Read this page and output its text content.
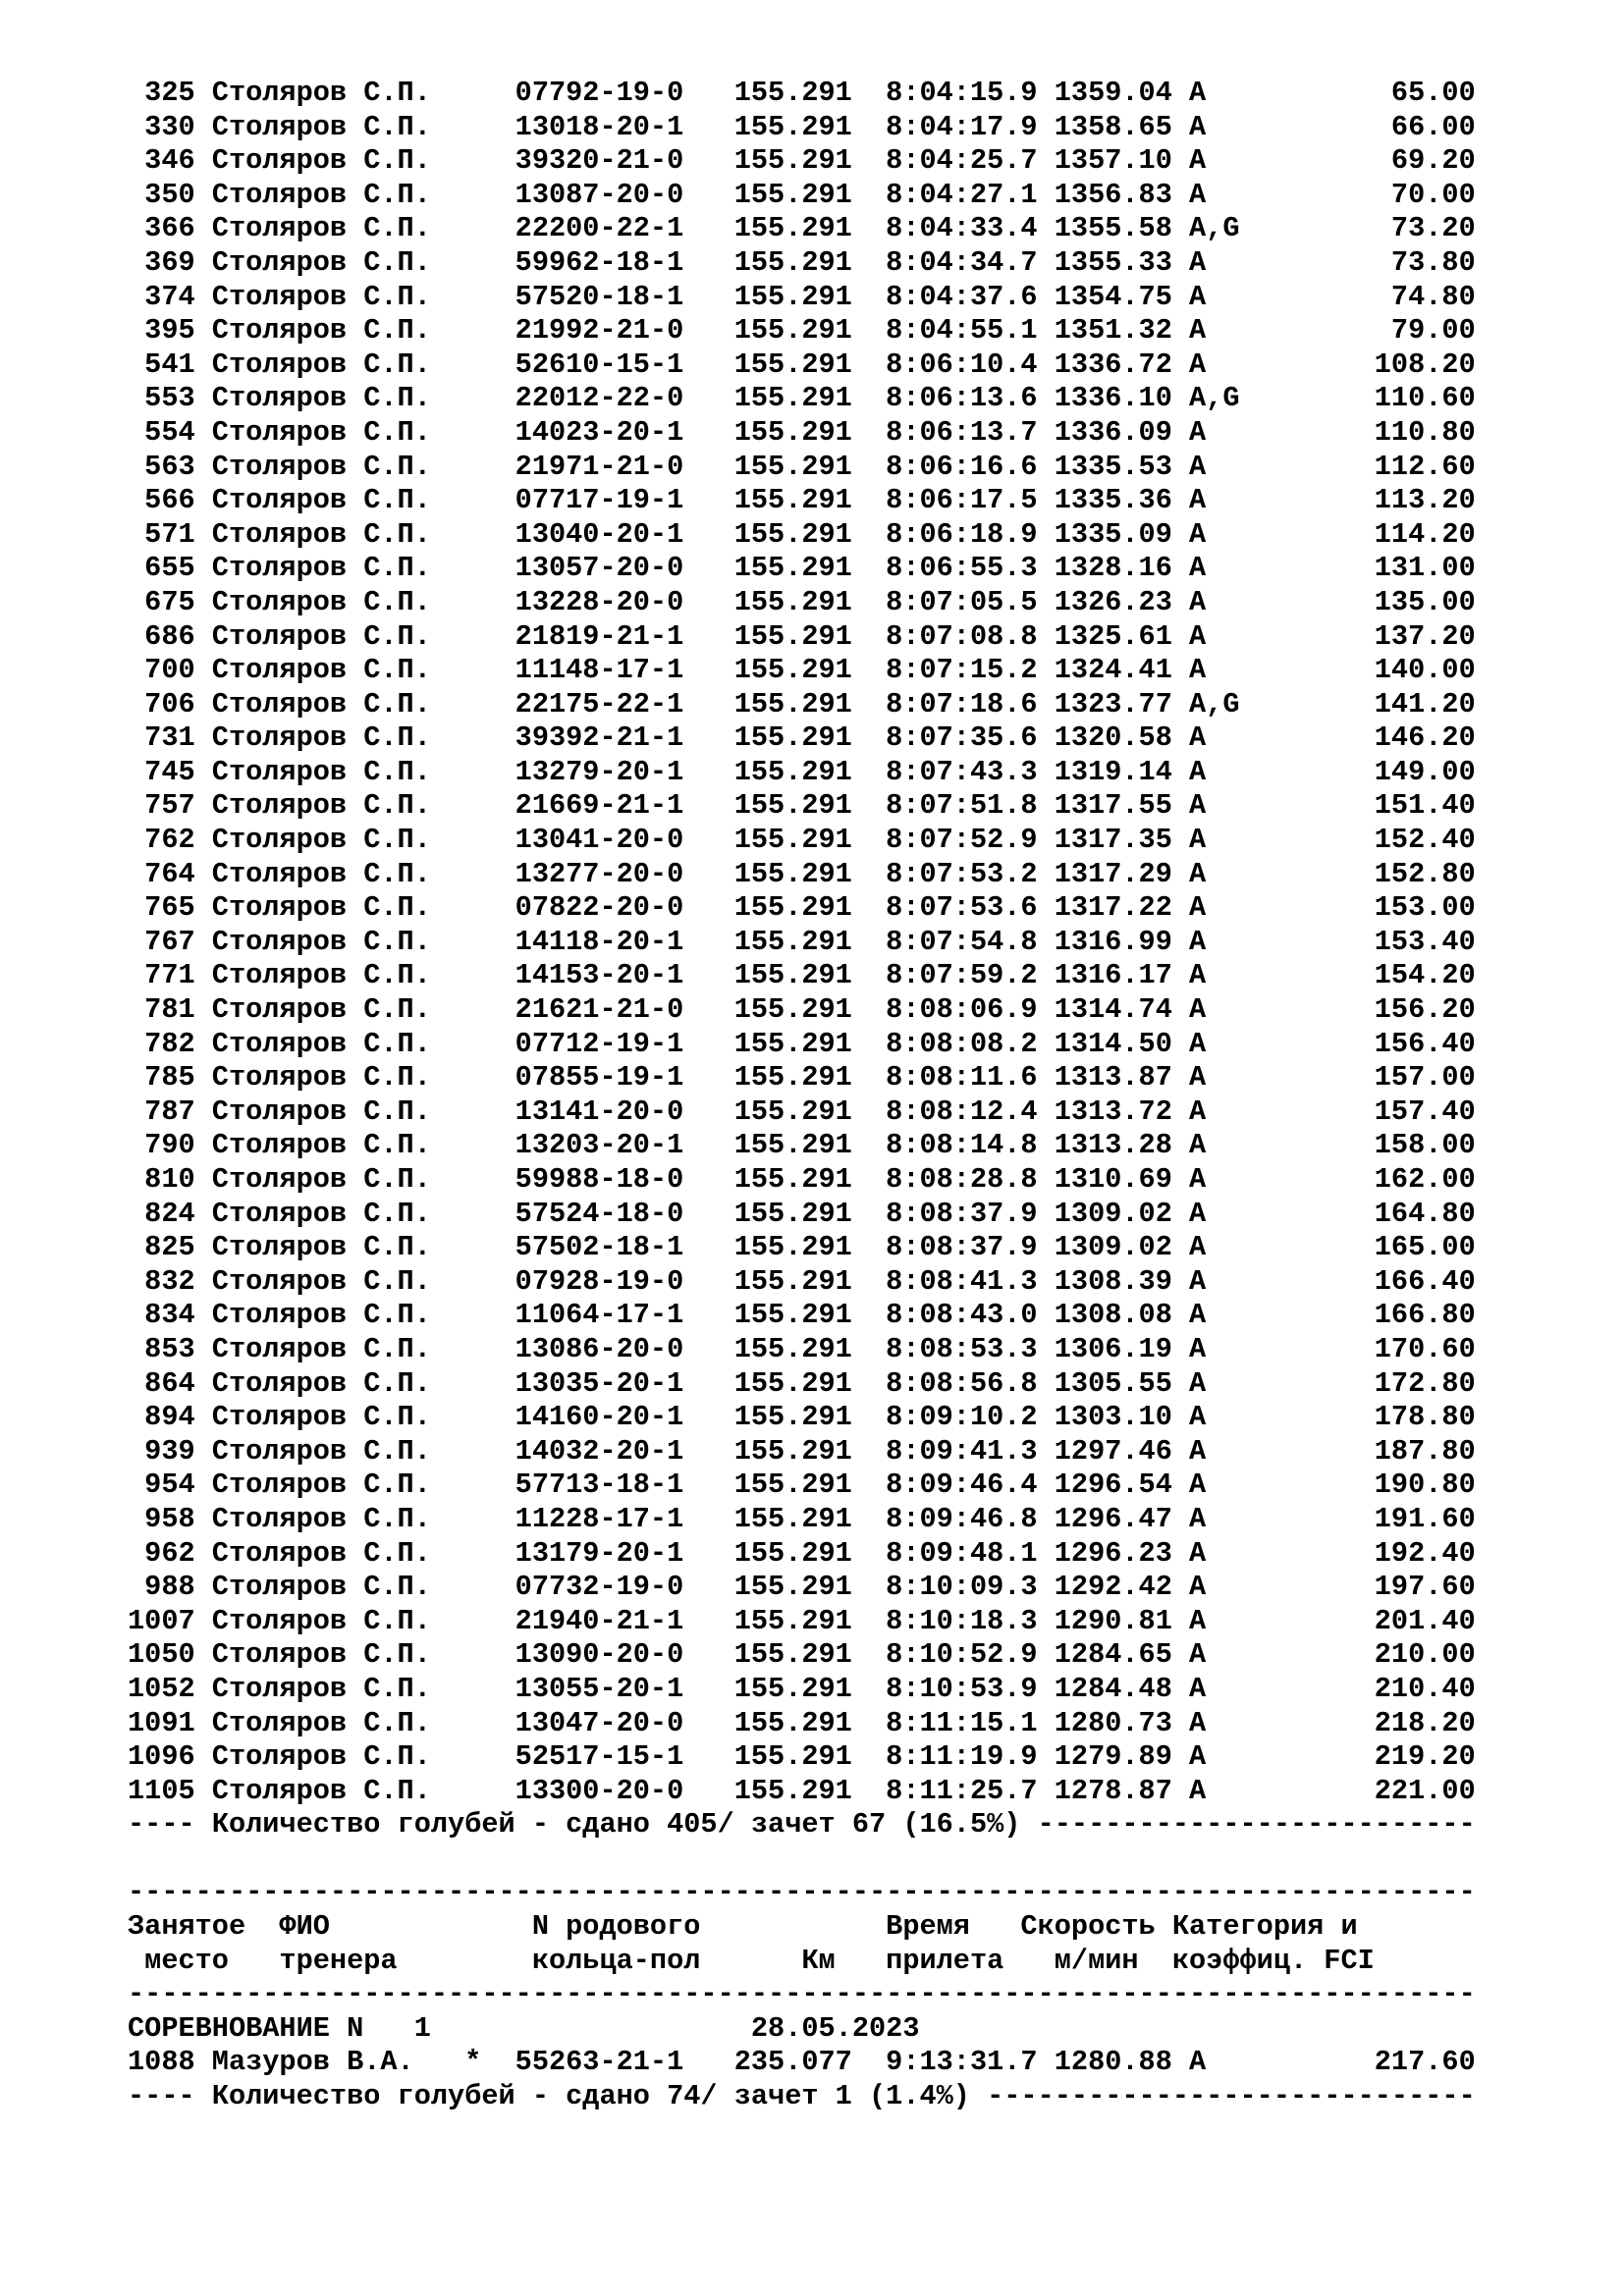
325 Столяров С.П.     07792-19-0   155.291  8:04:15.9 1359.04 A           65.00
330 Столяров С.П.     13018-20-1   155.291  8:04:17.9 1358.65 A           66.00
346 Столяров С.П.     39320-21-0   155.291  8:04:25.7 1357.10 A           69.20
350 Столяров С.П.     13087-20-0   155.291  8:04:27.1 1356.83 A           70.00
366 Столяров С.П.     22200-22-1   155.291  8:04:33.4 1355.58 A,G         73.20
369 Столяров С.П.     59962-18-1   155.291  8:04:34.7 1355.33 A           73.80
374 Столяров С.П.     57520-18-1   155.291  8:04:37.6 1354.75 A           74.80
395 Столяров С.П.     21992-21-0   155.291  8:04:55.1 1351.32 A           79.00
541 Столяров С.П.     52610-15-1   155.291  8:06:10.4 1336.72 A          108.20
553 Столяров С.П.     22012-22-0   155.291  8:06:13.6 1336.10 A,G        110.60
554 Столяров С.П.     14023-20-1   155.291  8:06:13.7 1336.09 A          110.80
563 Столяров С.П.     21971-21-0   155.291  8:06:16.6 1335.53 A          112.60
566 Столяров С.П.     07717-19-1   155.291  8:06:17.5 1335.36 A          113.20
571 Столяров С.П.     13040-20-1   155.291  8:06:18.9 1335.09 A          114.20
655 Столяров С.П.     13057-20-0   155.291  8:06:55.3 1328.16 A          131.00
675 Столяров С.П.     13228-20-0   155.291  8:07:05.5 1326.23 A          135.00
686 Столяров С.П.     21819-21-1   155.291  8:07:08.8 1325.61 A          137.20
700 Столяров С.П.     11148-17-1   155.291  8:07:15.2 1324.41 A          140.00
706 Столяров С.П.     22175-22-1   155.291  8:07:18.6 1323.77 A,G        141.20
731 Столяров С.П.     39392-21-1   155.291  8:07:35.6 1320.58 A          146.20
745 Столяров С.П.     13279-20-1   155.291  8:07:43.3 1319.14 A          149.00
757 Столяров С.П.     21669-21-1   155.291  8:07:51.8 1317.55 A          151.40
762 Столяров С.П.     13041-20-0   155.291  8:07:52.9 1317.35 A          152.40
764 Столяров С.П.     13277-20-0   155.291  8:07:53.2 1317.29 A          152.80
765 Столяров С.П.     07822-20-0   155.291  8:07:53.6 1317.22 A          153.00
767 Столяров С.П.     14118-20-1   155.291  8:07:54.8 1316.99 A          153.40
771 Столяров С.П.     14153-20-1   155.291  8:07:59.2 1316.17 A          154.20
781 Столяров С.П.     21621-21-0   155.291  8:08:06.9 1314.74 A          156.20
782 Столяров С.П.     07712-19-1   155.291  8:08:08.2 1314.50 A          156.40
785 Столяров С.П.     07855-19-1   155.291  8:08:11.6 1313.87 A          157.00
787 Столяров С.П.     13141-20-0   155.291  8:08:12.4 1313.72 A          157.40
790 Столяров С.П.     13203-20-1   155.291  8:08:14.8 1313.28 A          158.00
810 Столяров С.П.     59988-18-0   155.291  8:08:28.8 1310.69 A          162.00
824 Столяров С.П.     57524-18-0   155.291  8:08:37.9 1309.02 A          164.80
825 Столяров С.П.     57502-18-1   155.291  8:08:37.9 1309.02 A          165.00
832 Столяров С.П.     07928-19-0   155.291  8:08:41.3 1308.39 A          166.40
834 Столяров С.П.     11064-17-1   155.291  8:08:43.0 1308.08 A          166.80
853 Столяров С.П.     13086-20-0   155.291  8:08:53.3 1306.19 A          170.60
864 Столяров С.П.     13035-20-1   155.291  8:08:56.8 1305.55 A          172.80
894 Столяров С.П.     14160-20-1   155.291  8:09:10.2 1303.10 A          178.80
939 Столяров С.П.     14032-20-1   155.291  8:09:41.3 1297.46 A          187.80
954 Столяров С.П.     57713-18-1   155.291  8:09:46.4 1296.54 A          190.80
958 Столяров С.П.     11228-17-1   155.291  8:09:46.8 1296.47 A          191.60
962 Столяров С.П.     13179-20-1   155.291  8:09:48.1 1296.23 A          192.40
988 Столяров С.П.     07732-19-0   155.291  8:10:09.3 1292.42 A          197.60
1007 Столяров С.П.     21940-21-1   155.291  8:10:18.3 1290.81 A          201.40
1050 Столяров С.П.     13090-20-0   155.291  8:10:52.9 1284.65 A          210.00
1052 Столяров С.П.     13055-20-1   155.291  8:10:53.9 1284.48 A          210.40
1091 Столяров С.П.     13047-20-0   155.291  8:11:15.1 1280.73 A          218.20
1096 Столяров С.П.     52517-15-1   155.291  8:11:19.9 1279.89 A          219.20
1105 Столяров С.П.     13300-20-0   155.291  8:11:25.7 1278.87 A          221.00
---- Количество голубей - сдано 405/ зачет 67 (16.5%) --------------------------
--------------------------------------------------------------------------------
Занятое  ФИО            N родового           Время   Скорость Категория и
место   тренера        кольца-пол      Км   прилета   м/мин  коэффиц. FCI
--------------------------------------------------------------------------------
СОРЕВНОВАНИЕ N   1                   28.05.2023
1088 Мазуров В.А.   *  55263-21-1   235.077  9:13:31.7 1280.88 A          217.60
---- Количество голубей - сдано 74/ зачет 1 (1.4%) -----------------------------
